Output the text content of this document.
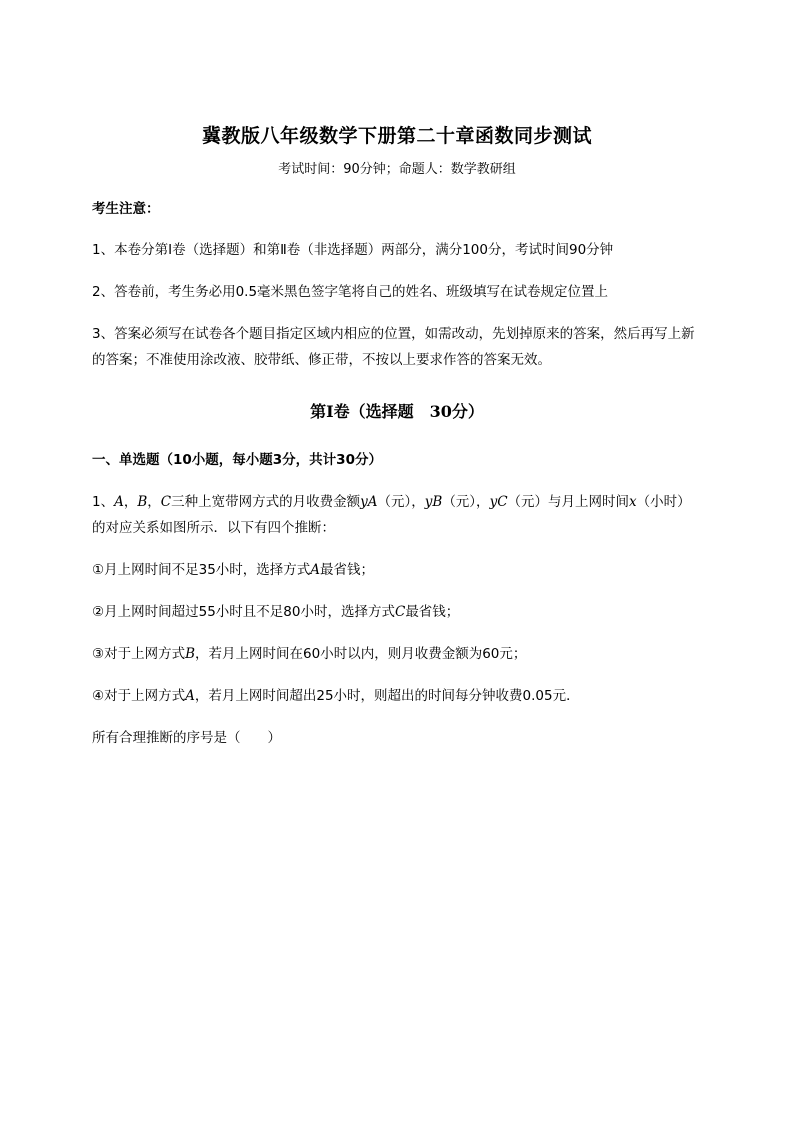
冀教版八年级数学下册第二十章函数同步测试
考试时间：90分钟；命题人：数学教研组
考生注意：
1、本卷分第I卷（选择题）和第Ⅱ卷（非选择题）两部分，满分100分，考试时间90分钟
2、答卷前，考生务必用0.5毫米黑色签字笔将自己的姓名、班级填写在试卷规定位置上
3、答案必须写在试卷各个题目指定区域内相应的位置，如需改动，先划掉原来的答案，然后再写上新
的答案；不准使用涂改液、胶带纸、修正带，不按以上要求作答的答案无效。
第I卷（选择题　30分）
一、单选题（10小题，每小题3分，共计30分）
1、A，B，C三种上宽带网方式的月收费金额yA（元），yB（元），yC（元）与月上网时间x（小时）
的对应关系如图所示．以下有四个推断：
①月上网时间不足35小时，选择方式A最省钱；
②月上网时间超过55小时且不足80小时，选择方式C最省钱；
③对于上网方式B，若月上网时间在60小时以内，则月收费金额为60元；
④对于上网方式A，若月上网时间超出25小时，则超出的时间每分钟收费0.05元．
所有合理推断的序号是（　　）
